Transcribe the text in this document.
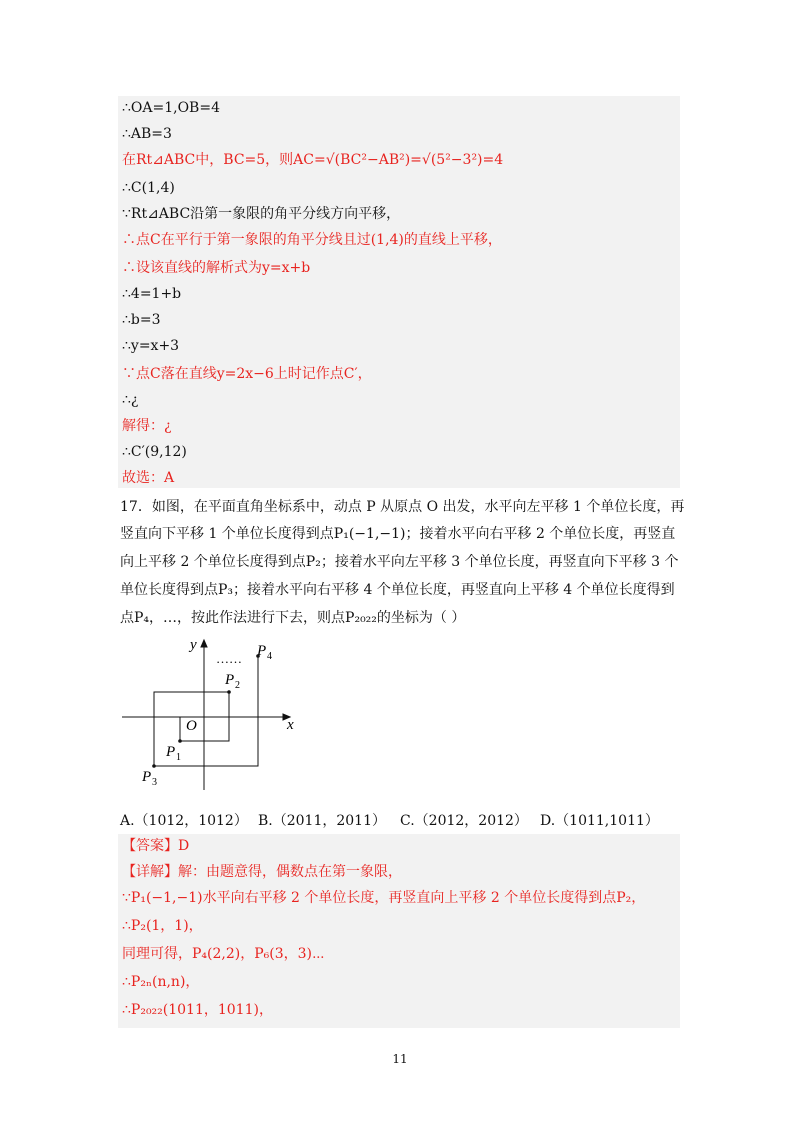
∴OA=1,OB=4
∴AB=3
在Rt⊿ABC中，BC=5，则AC=√(BC²−AB²)=√(5²−3²)=4
∴C(1,4)
∵Rt⊿ABC沿第一象限的角平分线方向平移，
∴点C在平行于第一象限的角平分线且过(1,4)的直线上平移，
∴设该直线的解析式为y=x+b
∴4=1+b
∴b=3
∴y=x+3
∵点C落在直线y=2x−6上时记作点C′，
∴¿
解得：¿
∴C′(9,12)
故选：A
17．如图，在平面直角坐标系中，动点 P 从原点 O 出发，水平向左平移 1 个单位长度，再
竖直向下平移 1 个单位长度得到点P₁(−1,−1)；接着水平向右平移 2 个单位长度，再竖直
向上平移 2 个单位长度得到点P₂；接着水平向左平移 3 个单位长度，再竖直向下平移 3 个
单位长度得到点P₃；接着水平向右平移 4 个单位长度，再竖直向上平移 4 个单位长度得到
点P₄，…，按此作法进行下去，则点P₂₀₂₂的坐标为（ ）
y
x
O
……
P 1
P 2
P 3
P 4
A.（1012，1012） B.（2011，2011） C.（2012，2012） D.（1011,1011）
【答案】D
【详解】解：由题意得，偶数点在第一象限，
∵P₁(−1,−1)水平向右平移 2 个单位长度，再竖直向上平移 2 个单位长度得到点P₂，
∴P₂(1，1)，
同理可得，P₄(2,2)，P₆(3，3)⋯
∴P₂ₙ(n,n)，
∴P₂₀₂₂(1011，1011)，
11
